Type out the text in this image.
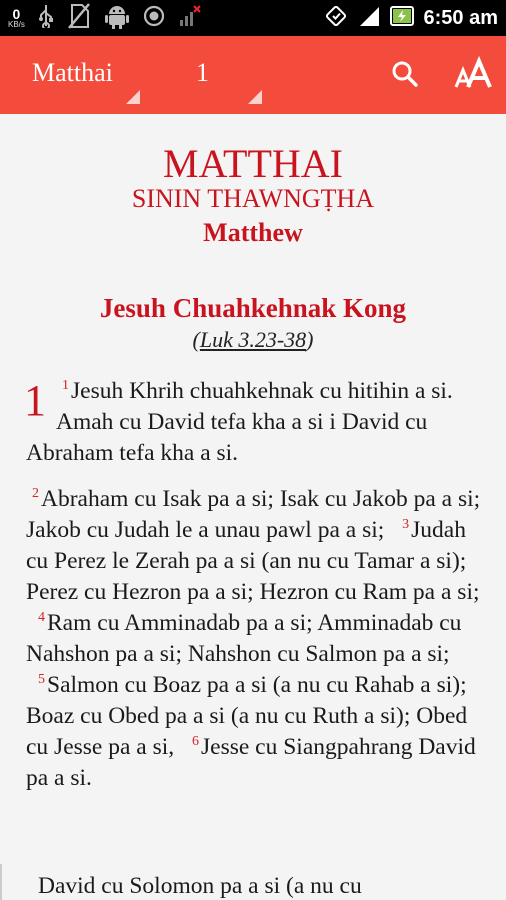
0
KB/s	6:50 am
Matthai	1
MATTHAI
SININ THAWNGṬHA
Matthew
Jesuh Chuahkehnak Kong
(Luk 3.23-38)
1 $^1$Jesuh Khrih chuahkehnak cu hitihin a si. Amah cu David tefa kha a si i David cu Abraham tefa kha a si.
$^2$Abraham cu Isak pa a si; Isak cu Jakob pa a si; Jakob cu Judah le a unau pawl pa a si; $^3$Judah cu Perez le Zerah pa a si (an nu cu Tamar a si); Perez cu Hezron pa a si; Hezron cu Ram pa a si; $^4$Ram cu Amminadab pa a si; Amminadab cu Nahshon pa a si; Nahshon cu Salmon pa a si; $^5$Salmon cu Boaz pa a si (a nu cu Rahab a si); Boaz cu Obed pa a si (a nu cu Ruth a si); Obed cu Jesse pa a si, $^6$Jesse cu Siangpahrang David pa a si.
David cu Solomon pa a si (a nu cu
